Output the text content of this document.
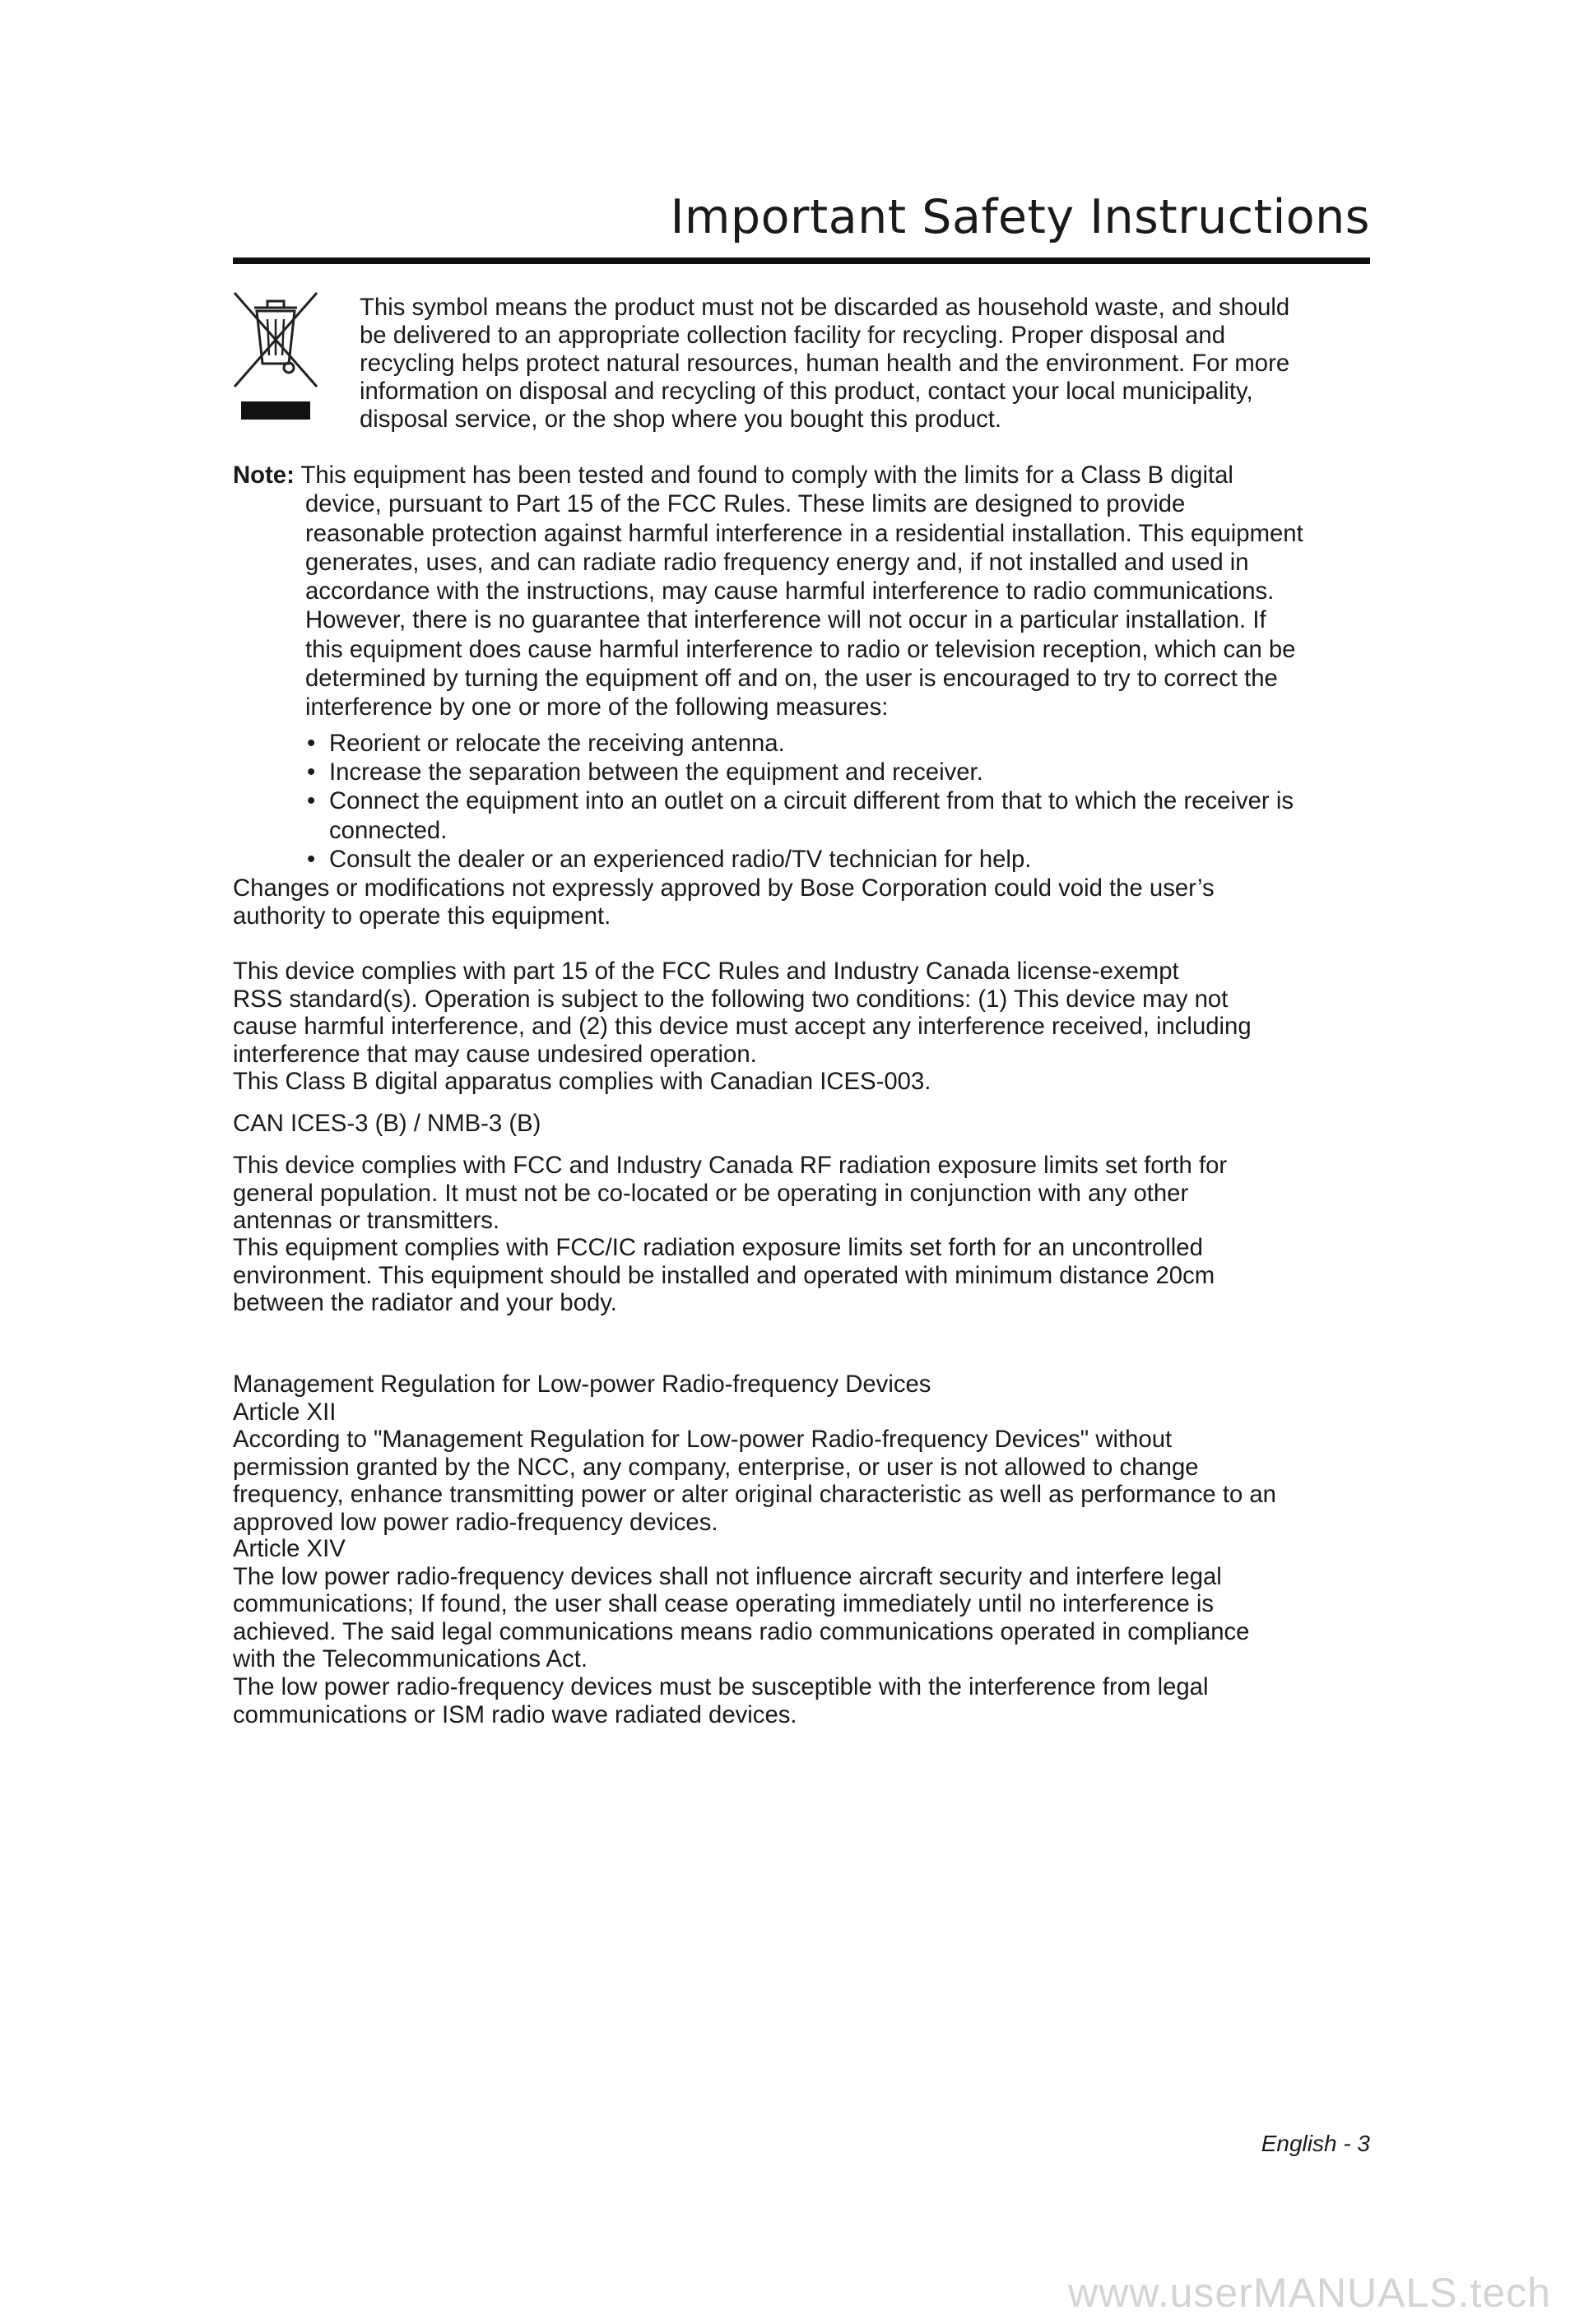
Important Safety Instructions

This symbol means the product must not be discarded as household waste, and should

be delivered to an appropriate collection facility for recycling. Proper disposal and

recycling helps protect natural resources, human health and the environment. For more

information on disposal and recycling of this product, contact your local municipality,

disposal service, or the shop where you bought this product.

Note: This equipment has been tested and found to comply with the limits for a Class B digital
device, pursuant to Part 15 of the FCC Rules. These limits are designed to provide
reasonable protection against harmful interference in a residential installation. This equipment
generates, uses, and can radiate radio frequency energy and, if not installed and used in
accordance with the instructions, may cause harmful interference to radio communications.
However, there is no guarantee that interference will not occur in a particular installation. If
this equipment does cause harmful interference to radio or television reception, which can be
determined by turning the equipment off and on, the user is encouraged to try to correct the
interference by one or more of the following measures:
• Reorient or relocate the receiving antenna.
• Increase the separation between the equipment and receiver.
• Connect the equipment into an outlet on a circuit different from that to which the receiver is connected.
• Consult the dealer or an experienced radio/TV technician for help.
Changes or modifications not expressly approved by Bose Corporation could void the user’s
authority to operate this equipment.
This device complies with part 15 of the FCC Rules and Industry Canada license-exempt
RSS standard(s). Operation is subject to the following two conditions: (1) This device may not
cause harmful interference, and (2) this device must accept any interference received, including
interference that may cause undesired operation.
This Class B digital apparatus complies with Canadian ICES-003.
CAN ICES-3 (B) / NMB-3 (B)
This device complies with FCC and Industry Canada RF radiation exposure limits set forth for
general population. It must not be co-located or be operating in conjunction with any other
antennas or transmitters.
This equipment complies with FCC/IC radiation exposure limits set forth for an uncontrolled
environment. This equipment should be installed and operated with minimum distance 20cm
between the radiator and your body.
Management Regulation for Low-power Radio-frequency Devices
Article XII
According to "Management Regulation for Low-power Radio-frequency Devices" without
permission granted by the NCC, any company, enterprise, or user is not allowed to change
frequency, enhance transmitting power or alter original characteristic as well as performance to an
approved low power radio-frequency devices.
Article XIV
The low power radio-frequency devices shall not influence aircraft security and interfere legal
communications; If found, the user shall cease operating immediately until no interference is
achieved. The said legal communications means radio communications operated in compliance
with the Telecommunications Act.
The low power radio-frequency devices must be susceptible with the interference from legal
communications or ISM radio wave radiated devices.
English - 3
www.userMANUALS.tech
